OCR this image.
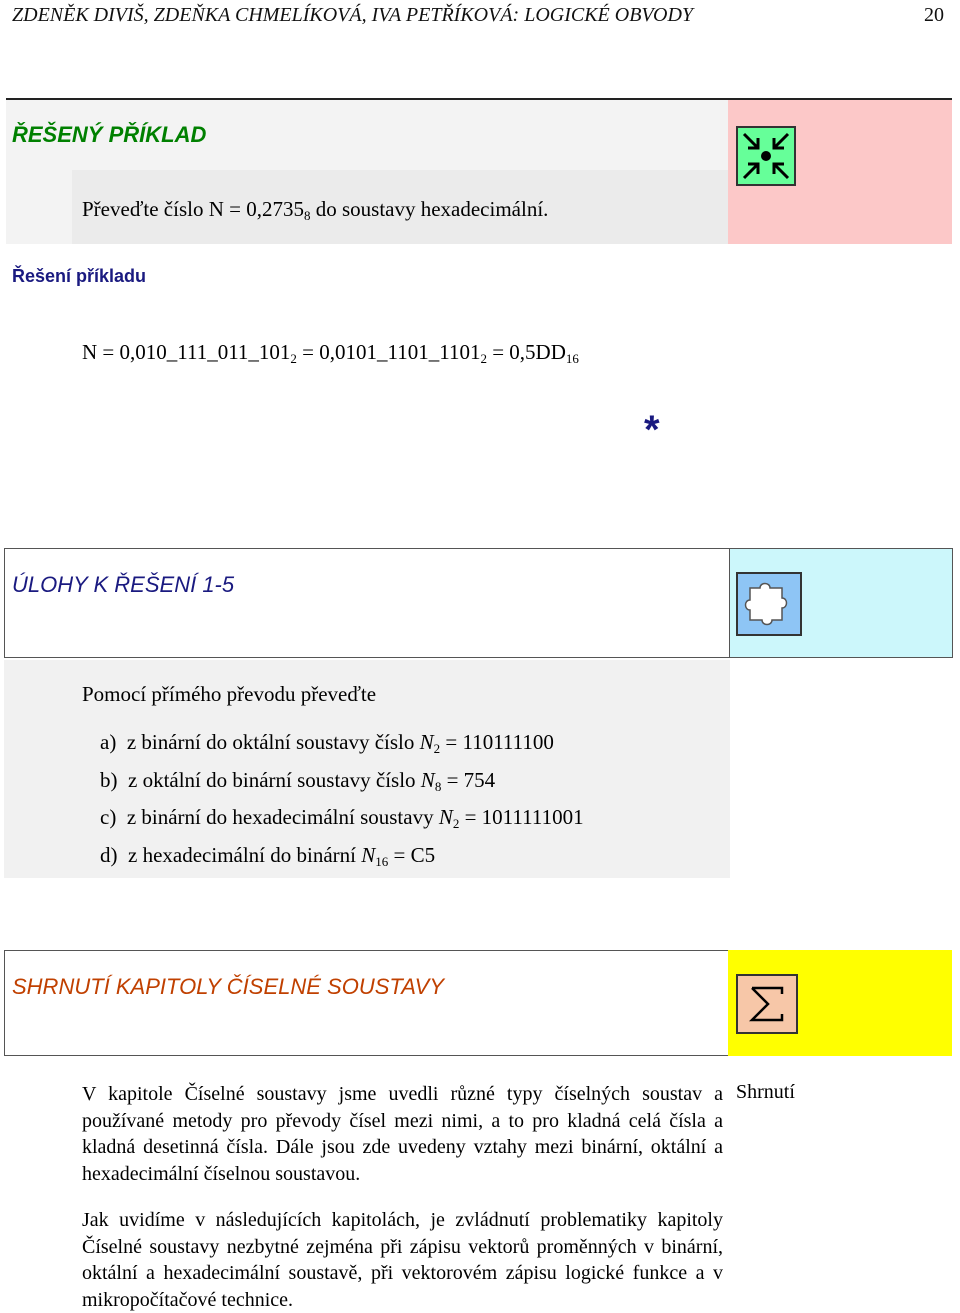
ZDENĚK DIVIŠ, ZDEŇKA CHMELÍKOVÁ, IVA PETŘÍKOVÁ: LOGICKÉ OBVODY	20
ŘEŠENÝ PŘÍKLAD
Převeďte číslo $N = 0,2735_8$ do soustavy hexadecimální.
Řešení příkladu
$N = 0,010\_111\_011\_101_2$ = $0,0101\_1101\_1101_2 = 0,5DD_{16}$
*
ÚLOHY K ŘEŠENÍ 1-5
Pomocí přímého převodu převeďte
a) z binární do oktální soustavy číslo $N_2 = 110111100$
b) z oktální do binární soustavy číslo $N_8 = 754$
c) z binární do hexadecimální soustavy $N_2 = 1011111001$
d) z hexadecimální do binární $N_{16} = C5$
SHRNUTÍ KAPITOLY ČÍSELNÉ SOUSTAVY
V kapitole Číselné soustavy jsme uvedli různé typy číselných soustav a používané metody pro převody čísel mezi nimi, a to pro kladná celá čísla a kladná desetinná čísla. Dále jsou zde uvedeny vztahy mezi binární, oktální a hexadecimální číselnou soustavou.
Shrnutí
Jak uvidíme v následujících kapitolách, je zvládnutí problematiky kapitoly Číselné soustavy nezbytné zejména při zápisu vektorů proměnných v binární, oktální a hexadecimální soustavě, při vektorovém zápisu logické funkce a v mikropočítačové technice.
